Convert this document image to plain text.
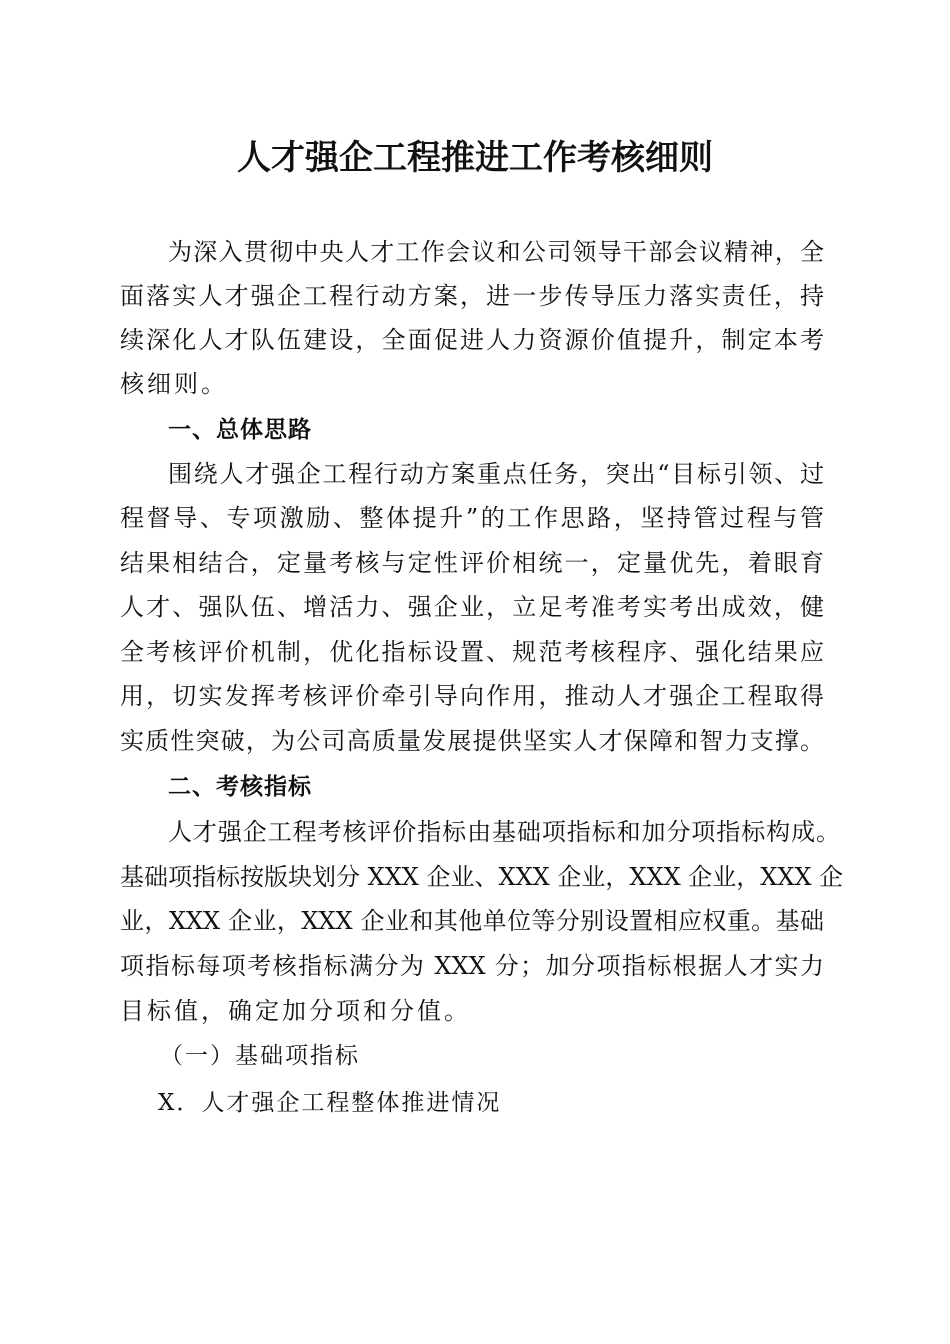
人才强企工程推进工作考核细则
为深入贯彻中央人才工作会议和公司领导干部会议精神，全
面落实人才强企工程行动方案，进一步传导压力落实责任，持
续深化人才队伍建设，全面促进人力资源价值提升，制定本考
核细则。
一、总体思路
围绕人才强企工程行动方案重点任务，突出“目标引领、过
程督导、专项激励、整体提升”的工作思路，坚持管过程与管
结果相结合，定量考核与定性评价相统一，定量优先，着眼育
人才、强队伍、增活力、强企业，立足考准考实考出成效，健
全考核评价机制，优化指标设置、规范考核程序、强化结果应
用，切实发挥考核评价牵引导向作用，推动人才强企工程取得
实质性突破，为公司高质量发展提供坚实人才保障和智力支撑。
二、考核指标
人才强企工程考核评价指标由基础项指标和加分项指标构成。
基础项指标按版块划分 XXX 企业、XXX 企业，XXX 企业，XXX 企
业，XXX 企业，XXX 企业和其他单位等分别设置相应权重。基础
项指标每项考核指标满分为 XXX 分；加分项指标根据人才实力
目标值，确定加分项和分值。
（一）基础项指标
X．人才强企工程整体推进情况
